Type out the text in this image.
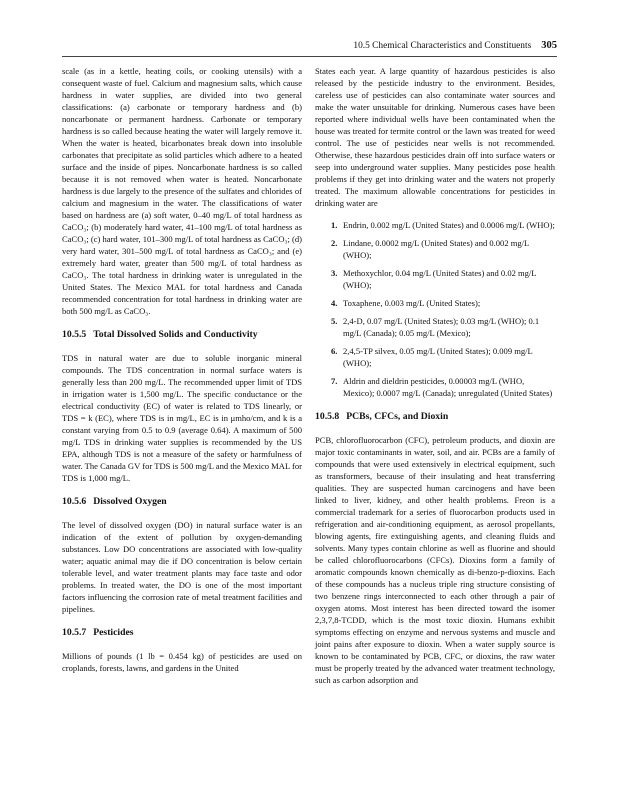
10.5 Chemical Characteristics and Constituents 305

scale (as in a kettle, heating coils, or cooking utensils) with a consequent waste of fuel. Calcium and magnesium salts, which cause hardness in water supplies, are divided into two general classifications: (a) carbonate or temporary hardness and (b) noncarbonate or permanent hardness. Carbonate or temporary hardness is so called because heating the water will largely remove it. When the water is heated, bicarbonates break down into insoluble carbonates that precipitate as solid particles which adhere to a heated surface and the inside of pipes. Noncarbonate hardness is so called because it is not removed when water is heated. Noncarbonate hardness is due largely to the presence of the sulfates and chlorides of calcium and magnesium in the water. The classifications of water based on hardness are (a) soft water, 0–40 mg/L of total hardness as CaCO₃; (b) moderately hard water, 41–100 mg/L of total hardness as CaCO₃; (c) hard water, 101–300 mg/L of total hardness as CaCO₃; (d) very hard water, 301–500 mg/L of total hardness as CaCO₃; and (e) extremely hard water, greater than 500 mg/L of total hardness as CaCO₃. The total hardness in drinking water is unregulated in the United States. The Mexico MAL for total hardness and Canada recommended concentration for total hardness in drinking water are both 500 mg/L as CaCO₃.

10.5.5 Total Dissolved Solids and Conductivity

TDS in natural water are due to soluble inorganic mineral compounds. The TDS concentration in normal surface waters is generally less than 200 mg/L. The recommended upper limit of TDS in irrigation water is 1,500 mg/L. The specific conductance or the electrical conductivity (EC) of water is related to TDS linearly, or TDS = k (EC), where TDS is in mg/L, EC is in μmho/cm, and k is a constant varying from 0.5 to 0.9 (average 0.64). A maximum of 500 mg/L TDS in drinking water supplies is recommended by the US EPA, although TDS is not a measure of the safety or harmfulness of water. The Canada GV for TDS is 500 mg/L and the Mexico MAL for TDS is 1,000 mg/L.

10.5.6 Dissolved Oxygen

The level of dissolved oxygen (DO) in natural surface water is an indication of the extent of pollution by oxygen-demanding substances. Low DO concentrations are associated with low-quality water; aquatic animal may die if DO concentration is below certain tolerable level, and water treatment plants may face taste and odor problems. In treated water, the DO is one of the most important factors influencing the corrosion rate of metal treatment facilities and pipelines.

10.5.7 Pesticides

Millions of pounds (1 lb = 0.454 kg) of pesticides are used on croplands, forests, lawns, and gardens in the United

States each year. A large quantity of hazardous pesticides is also released by the pesticide industry to the environment. Besides, careless use of pesticides can also contaminate water sources and make the water unsuitable for drinking. Numerous cases have been reported where individual wells have been contaminated when the house was treated for termite control or the lawn was treated for weed control. The use of pesticides near wells is not recommended. Otherwise, these hazardous pesticides drain off into surface waters or seep into underground water supplies. Many pesticides pose health problems if they get into drinking water and the waters not properly treated. The maximum allowable concentrations for pesticides in drinking water are

1. Endrin, 0.002 mg/L (United States) and 0.0006 mg/L (WHO);
2. Lindane, 0.0002 mg/L (United States) and 0.002 mg/L (WHO);
3. Methoxychlor, 0.04 mg/L (United States) and 0.02 mg/L (WHO);
4. Toxaphene, 0.003 mg/L (United States);
5. 2,4-D, 0.07 mg/L (United States); 0.03 mg/L (WHO); 0.1 mg/L (Canada); 0.05 mg/L (Mexico);
6. 2,4,5-TP silvex, 0.05 mg/L (United States); 0.009 mg/L (WHO);
7. Aldrin and dieldrin pesticides, 0.00003 mg/L (WHO, Mexico); 0.0007 mg/L (Canada); unregulated (United States)
10.5.8 PCBs, CFCs, and Dioxin

PCB, chlorofluorocarbon (CFC), petroleum products, and dioxin are major toxic contaminants in water, soil, and air. PCBs are a family of compounds that were used extensively in electrical equipment, such as transformers, because of their insulating and heat transferring qualities. They are suspected human carcinogens and have been linked to liver, kidney, and other health problems. Freon is a commercial trademark for a series of fluorocarbon products used in refrigeration and air-conditioning equipment, as aerosol propellants, blowing agents, fire extinguishing agents, and cleaning fluids and solvents. Many types contain chlorine as well as fluorine and should be called chlorofluorocarbons (CFCs). Dioxins form a family of aromatic compounds known chemically as di-benzo-p-dioxins. Each of these compounds has a nucleus triple ring structure consisting of two benzene rings interconnected to each other through a pair of oxygen atoms. Most interest has been directed toward the isomer 2,3,7,8-TCDD, which is the most toxic dioxin. Humans exhibit symptoms effecting on enzyme and nervous systems and muscle and joint pains after exposure to dioxin. When a water supply source is known to be contaminated by PCB, CFC, or dioxins, the raw water must be properly treated by the advanced water treatment technology, such as carbon adsorption and
